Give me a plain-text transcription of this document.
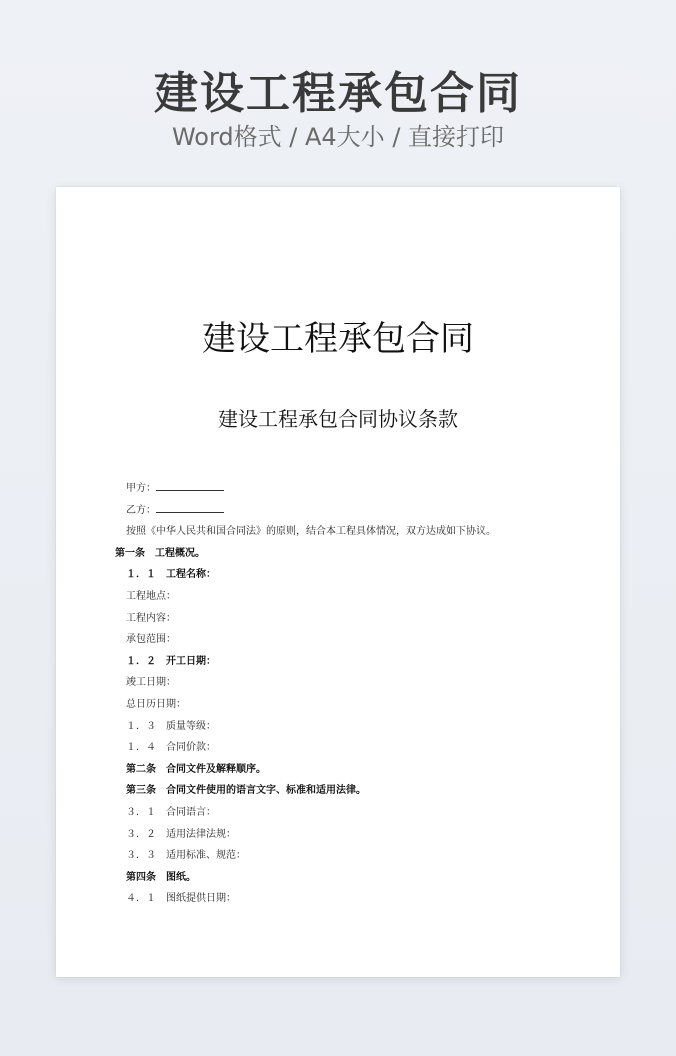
建设工程承包合同
Word格式 / A4大小 / 直接打印
建设工程承包合同
建设工程承包合同协议条款
甲方：
乙方：
按照《中华人民共和国合同法》的原则，结合本工程具体情况，双方达成如下协议。
第一条　工程概况。
１．１　工程名称：
工程地点：
工程内容：
承包范围：
１．２　开工日期：
竣工日期：
总日历日期：
１．３　质量等级：
１．４　合同价款：
第二条　合同文件及解释顺序。
第三条　合同文件使用的语言文字、标准和适用法律。
３．１　合同语言：
３．２　适用法律法规：
３．３　适用标准、规范：
第四条　图纸。
４．１　图纸提供日期：
